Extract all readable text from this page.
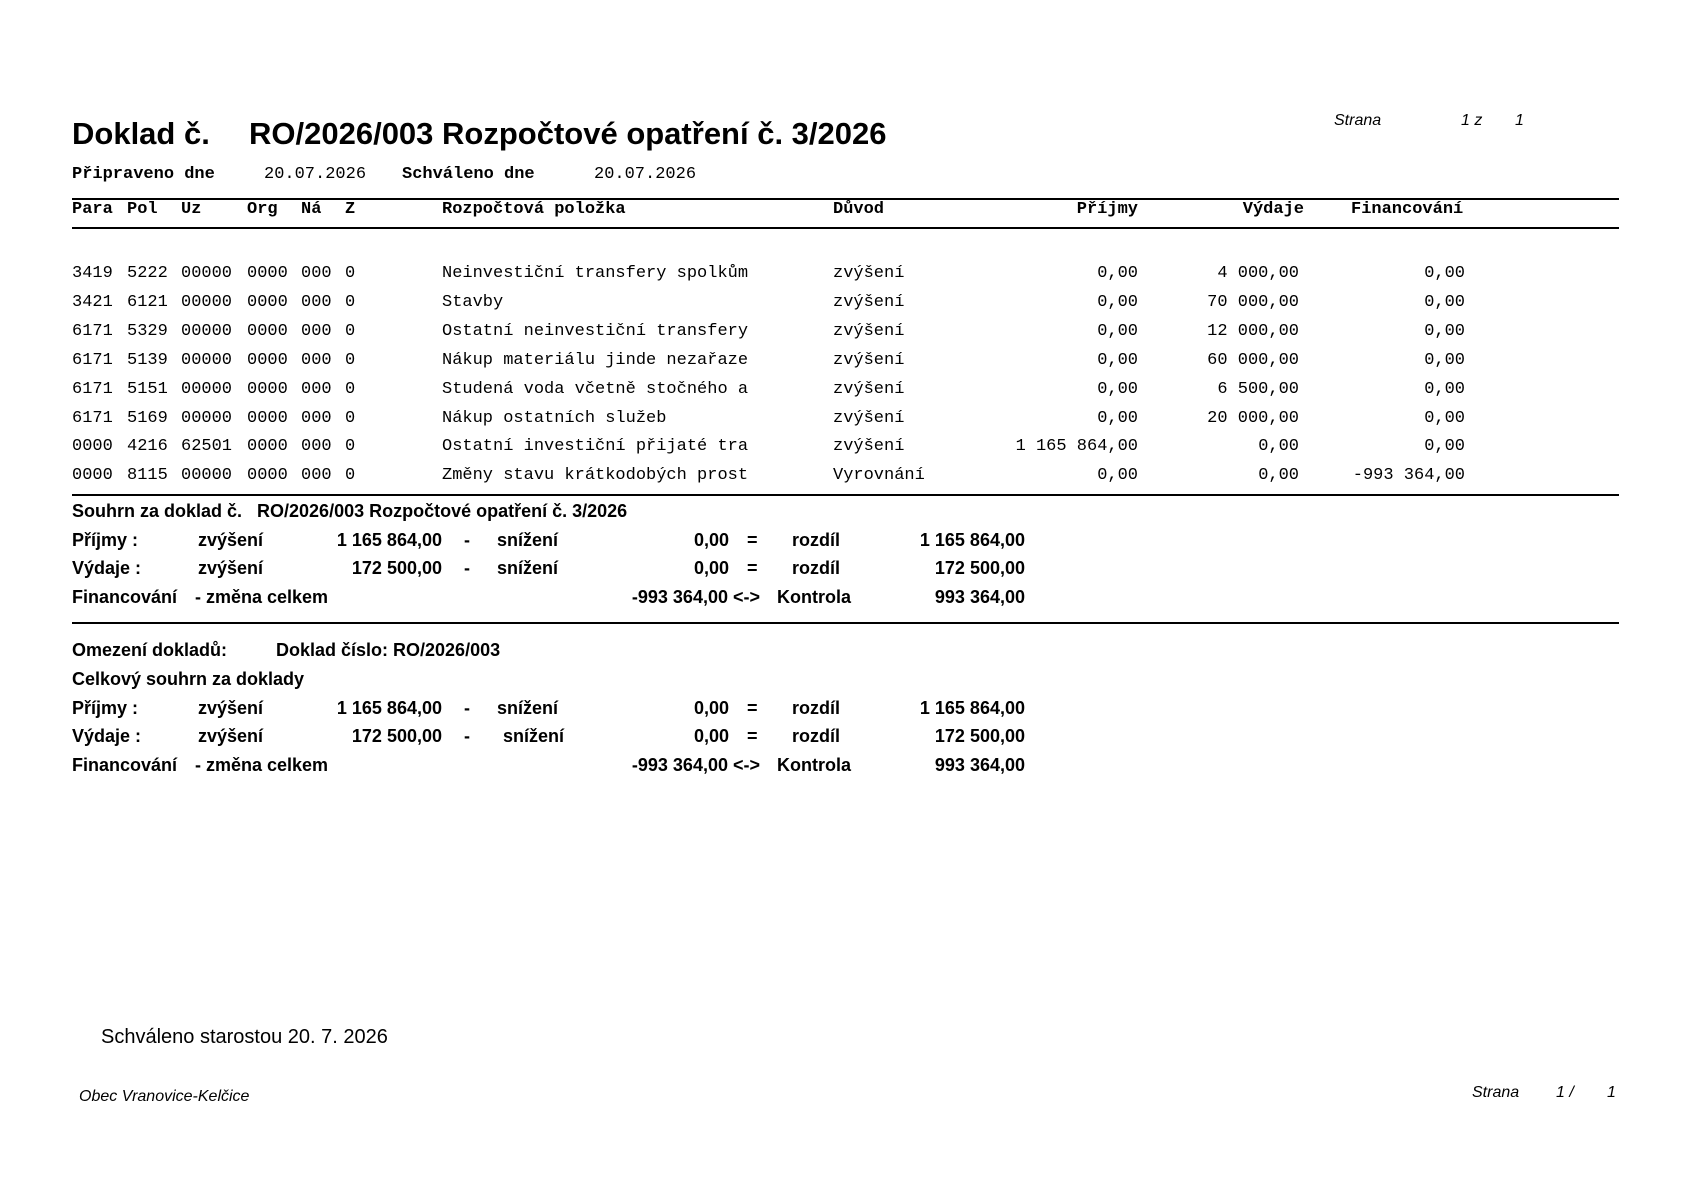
Doklad č. RO/2026/003 Rozpočtové opatření č. 3/2026	Strana	1 z 1
Připraveno dne	20.07.2026 Schváleno dne	20.07.2026
Para Pol Uz	Org Ná Z	Rozpočtová položka	Důvod	Příjmy	Výdaje	Financování
3419 5222 00000 0000 000 0	Neinvestiční transfery spolkům	zvýšení	0,00	4 000,00	0,00
3421 6121 00000 0000 000 0	Stavby	zvýšení	0,00	70 000,00	0,00
6171 5329 00000 0000 000 0	Ostatní neinvestiční transfery	zvýšení	0,00	12 000,00	0,00
6171 5139 00000 0000 000 0	Nákup materiálu jinde nezařaze	zvýšení	0,00	60 000,00	0,00
6171 5151 00000 0000 000 0	Studená voda včetně stočného a	zvýšení	0,00	6 500,00	0,00
6171 5169 00000 0000 000 0	Nákup ostatních služeb	zvýšení	0,00	20 000,00	0,00
0000 4216 62501 0000 000 0	Ostatní investiční přijaté tra	zvýšení	1 165 864,00	0,00	0,00
0000 8115 00000 0000 000 0	Změny stavu krátkodobých prost	Vyrovnání	0,00	0,00	-993 364,00
Souhrn za doklad č.   RO/2026/003 Rozpočtové opatření č. 3/2026
Příjmy :	zvýšení	1 165 864,00 - snížení	0,00 = rozdíl	1 165 864,00
Výdaje :	zvýšení	172 500,00 - snížení	0,00 = rozdíl	172 500,00
Financování - změna celkem	-993 364,00 <-> Kontrola	993 364,00
Omezení dokladů:	Doklad číslo: RO/2026/003
Celkový souhrn za doklady
Příjmy :	zvýšení	1 165 864,00 - snížení	0,00 = rozdíl	1 165 864,00
Výdaje :	zvýšení	172 500,00 - snížení	0,00 = rozdíl	172 500,00
Financování - změna celkem	-993 364,00 <-> Kontrola	993 364,00
Schváleno starostou 20. 7. 2026
Obec Vranovice-Kelčice	Strana 1 / 1
